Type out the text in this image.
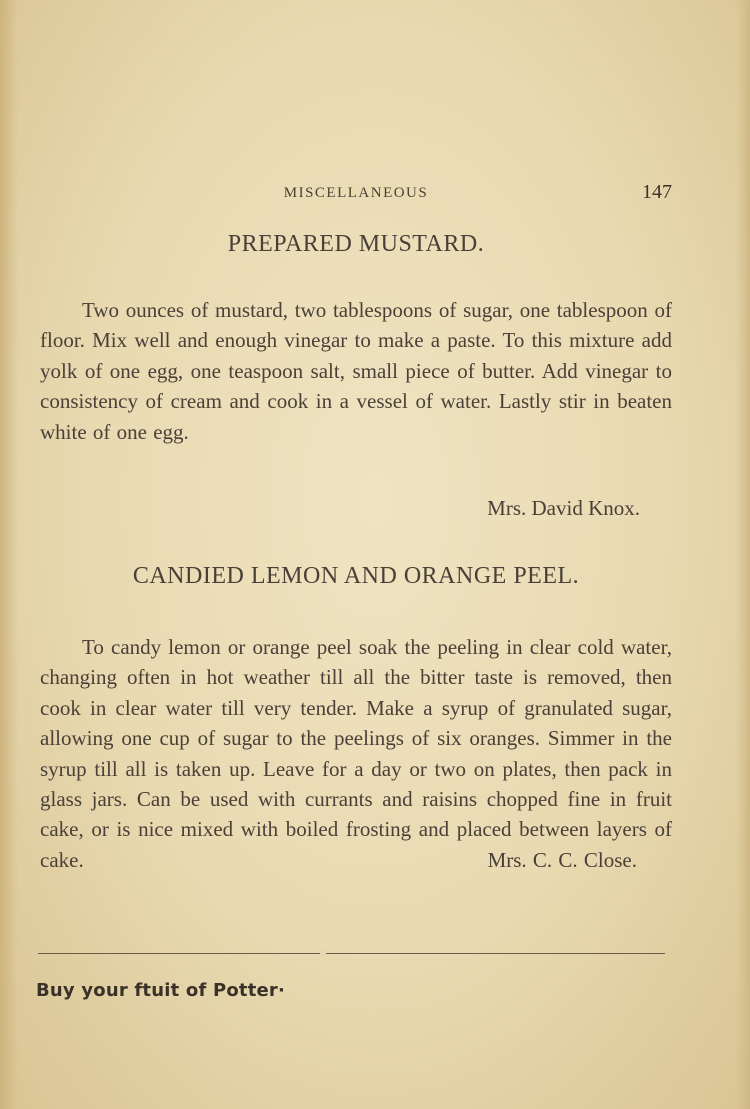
MISCELLANEOUS	147
PREPARED MUSTARD.

Two ounces of mustard, two tablespoons of sugar, one tablespoon of floor. Mix well and enough vinegar to make a paste. To this mixture add yolk of one egg, one teaspoon salt, small piece of butter. Add vinegar to consistency of cream and cook in a vessel of water. Lastly stir in beaten white of one egg.

Mrs. David Knox.
CANDIED LEMON AND ORANGE PEEL.

To candy lemon or orange peel soak the peeling in clear cold water, changing often in hot weather till all the bitter taste is removed, then cook in clear water till very tender. Make a syrup of granulated sugar, allowing one cup of sugar to the peelings of six oranges. Simmer in the syrup till all is taken up. Leave for a day or two on plates, then pack in glass jars. Can be used with currants and raisins chopped fine in fruit cake, or is nice mixed with boiled frosting and placed between layers of cake.	Mrs. C. C. Close.

Buy your ftuit of Potter·
